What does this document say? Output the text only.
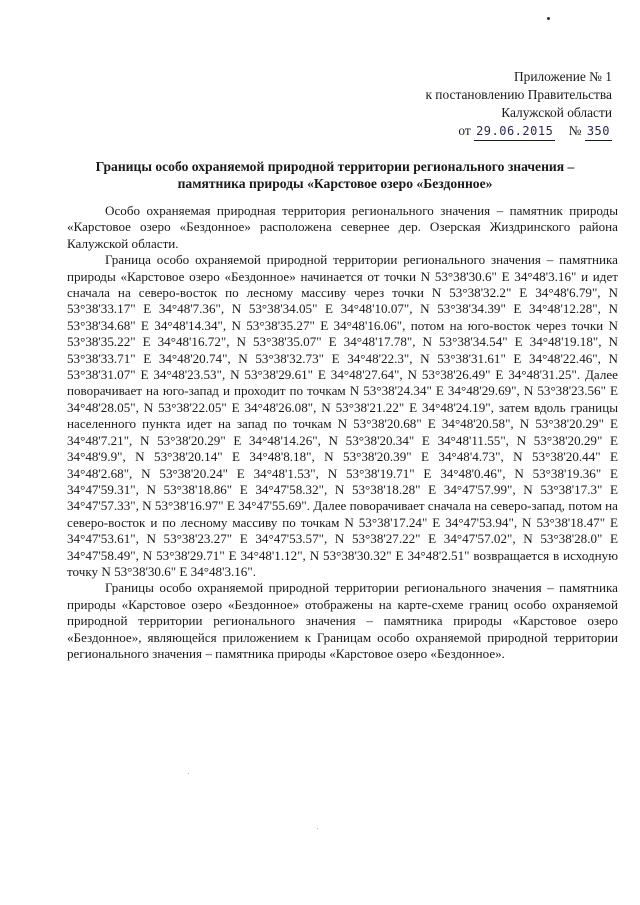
Приложение № 1
к постановлению Правительства
Калужской области
от 29.06.2015 № 350
Границы особо охраняемой природной территории регионального значения –
памятника природы «Карстовое озеро «Бездонное»

Особо охраняемая природная территория регионального значения – памятник природы «Карстовое озеро «Бездонное» расположена севернее дер. Озерская Жиздринского района Калужской области.

Граница особо охраняемой природной территории регионального значения – памятника природы «Карстовое озеро «Бездонное» начинается от точки N 53°38'30.6" E 34°48'3.16" и идет сначала на северо-восток по лесному массиву через точки N 53°38'32.2" E 34°48'6.79", N 53°38'33.17" E 34°48'7.36", N 53°38'34.05" E 34°48'10.07", N 53°38'34.39" E 34°48'12.28", N 53°38'34.68" E 34°48'14.34", N 53°38'35.27" E 34°48'16.06", потом на юго-восток через точки N 53°38'35.22" E 34°48'16.72", N 53°38'35.07" E 34°48'17.78", N 53°38'34.54" E 34°48'19.18", N 53°38'33.71" E 34°48'20.74", N 53°38'32.73" E 34°48'22.3", N 53°38'31.61" E 34°48'22.46", N 53°38'31.07" E 34°48'23.53", N 53°38'29.61" E 34°48'27.64", N 53°38'26.49" E 34°48'31.25". Далее поворачивает на юго-запад и проходит по точкам N 53°38'24.34" E 34°48'29.69", N 53°38'23.56" E 34°48'28.05", N 53°38'22.05" E 34°48'26.08", N 53°38'21.22" E 34°48'24.19", затем вдоль границы населенного пункта идет на запад по точкам N 53°38'20.68" E 34°48'20.58", N 53°38'20.29" E 34°48'7.21", N 53°38'20.29" E 34°48'14.26", N 53°38'20.34" E 34°48'11.55", N 53°38'20.29" E 34°48'9.9", N 53°38'20.14" E 34°48'8.18", N 53°38'20.39" E 34°48'4.73", N 53°38'20.44" E 34°48'2.68", N 53°38'20.24" E 34°48'1.53", N 53°38'19.71" E 34°48'0.46", N 53°38'19.36" E 34°47'59.31", N 53°38'18.86" E 34°47'58.32", N 53°38'18.28" E 34°47'57.99", N 53°38'17.3" E 34°47'57.33", N 53°38'16.97" E 34°47'55.69". Далее поворачивает сначала на северо-запад, потом на северо-восток и по лесному массиву по точкам N 53°38'17.24" E 34°47'53.94", N 53°38'18.47" E 34°47'53.61", N 53°38'23.27" E 34°47'53.57", N 53°38'27.22" E 34°47'57.02", N 53°38'28.0" E 34°47'58.49", N 53°38'29.71" E 34°48'1.12", N 53°38'30.32" E 34°48'2.51" возвращается в исходную точку N 53°38'30.6" E 34°48'3.16".

Границы особо охраняемой природной территории регионального значения – памятника природы «Карстовое озеро «Бездонное» отображены на карте-схеме границ особо охраняемой природной территории регионального значения – памятника природы «Карстовое озеро «Бездонное», являющейся приложением к Границам особо охраняемой природной территории регионального значения – памятника природы «Карстовое озеро «Бездонное».
